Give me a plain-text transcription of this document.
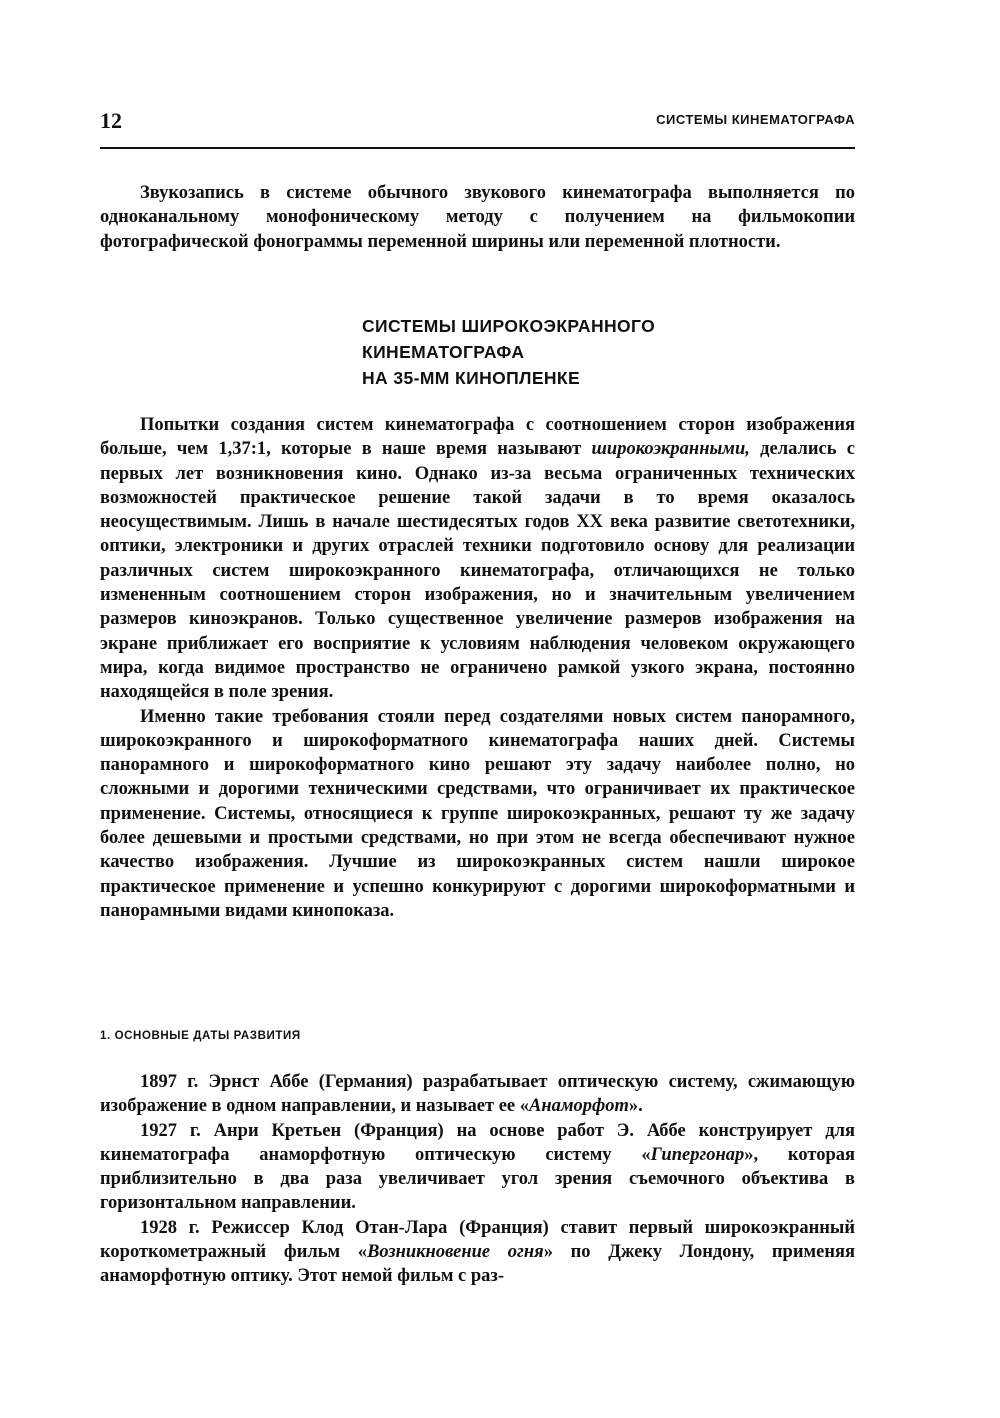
12	СИСТЕМЫ КИНЕМАТОГРАФА

Звукозапись в системе обычного звукового кинематографа выполняется по одноканальному монофоническому методу с получением на фильмокопии фотографической фонограммы переменной ширины или переменной плотности.

СИСТЕМЫ ШИРОКОЭКРАННОГО
КИНЕМАТОГРАФА
НА 35-ММ КИНОПЛЕНКЕ

Попытки создания систем кинематографа с соотношением сторон изображения больше, чем 1,37:1, которые в наше время называют широкоэкранными, делались с первых лет возникновения кино. Однако из-за весьма ограниченных технических возможностей практическое решение такой задачи в то время оказалось неосуществимым. Лишь в начале шестидесятых годов XX века развитие светотехники, оптики, электроники и других отраслей техники подготовило основу для реализации различных систем широкоэкранного кинематографа, отличающихся не только измененным соотношением сторон изображения, но и значительным увеличением размеров киноэкранов. Только существенное увеличение размеров изображения на экране приближает его восприятие к условиям наблюдения человеком окружающего мира, когда видимое пространство не ограничено рамкой узкого экрана, постоянно находящейся в поле зрения.

Именно такие требования стояли перед создателями новых систем панорамного, широкоэкранного и широкоформатного кинематографа наших дней. Системы панорамного и широкоформатного кино решают эту задачу наиболее полно, но сложными и дорогими техническими средствами, что ограничивает их практическое применение. Системы, относящиеся к группе широкоэкранных, решают ту же задачу более дешевыми и простыми средствами, но при этом не всегда обеспечивают нужное качество изображения. Лучшие из широкоэкранных систем нашли широкое практическое применение и успешно конкурируют с дорогими широкоформатными и панорамными видами кинопоказа.

1. ОСНОВНЫЕ ДАТЫ РАЗВИТИЯ

1897 г. Эрнст Аббе (Германия) разрабатывает оптическую систему, сжимающую изображение в одном направлении, и называет ее «Анаморфот».

1927 г. Анри Кретьен (Франция) на основе работ Э. Аббе конструирует для кинематографа анаморфотную оптическую систему «Гипергонар», которая приблизительно в два раза увеличивает угол зрения съемочного объектива в горизонтальном направлении.

1928 г. Режиссер Клод Отан-Лара (Франция) ставит первый широкоэкранный короткометражный фильм «Возникновение огня» по Джеку Лондону, применяя анаморфотную оптику. Этот немой фильм с раз-
